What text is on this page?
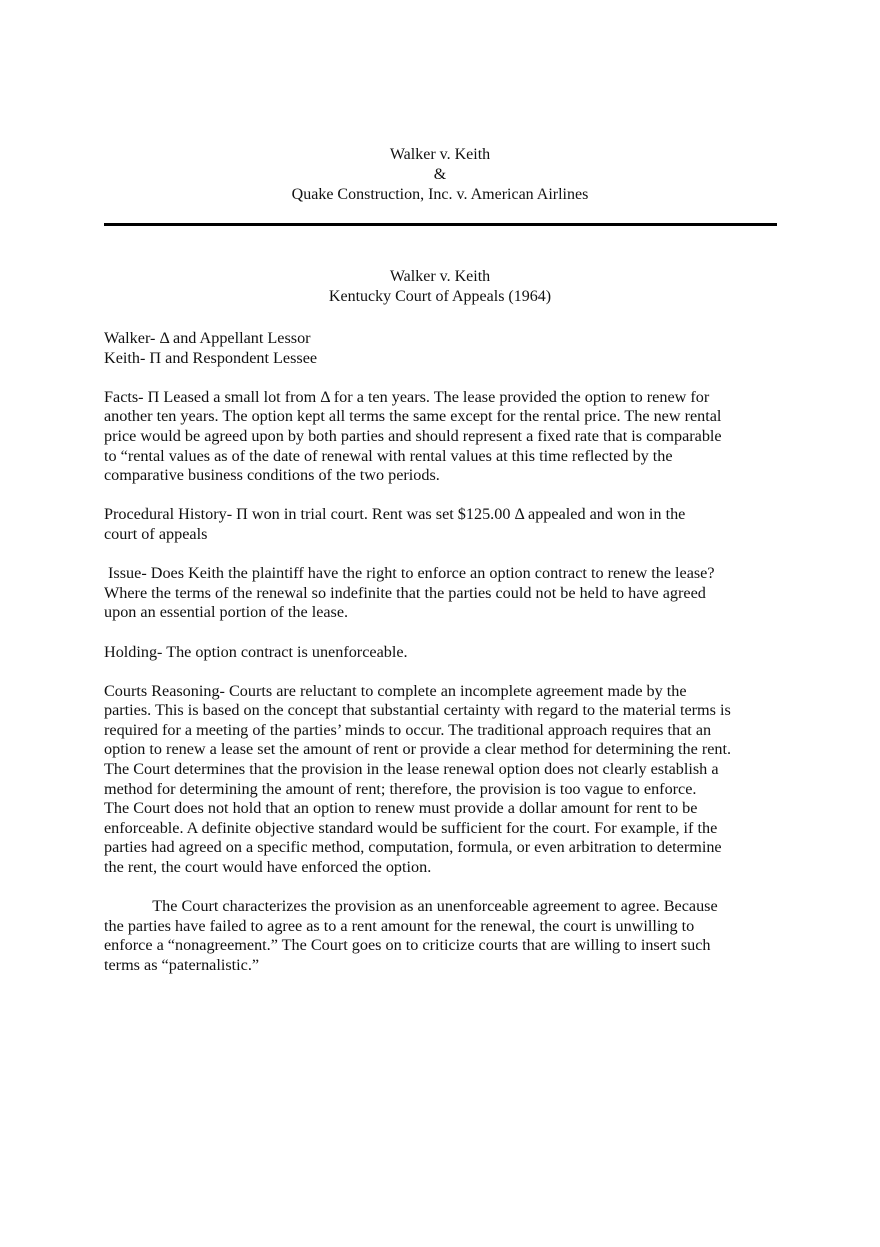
Walker v. Keith
&
Quake Construction, Inc. v. American Airlines
Walker v. Keith
Kentucky Court of Appeals (1964)
Walker- Δ and Appellant Lessor
Keith- Π and Respondent Lessee
Facts- Π Leased a small lot from Δ for a ten years. The lease provided the option to renew for
another ten years. The option kept all terms the same except for the rental price. The new rental
price would be agreed upon by both parties and should represent a fixed rate that is comparable
to “rental values as of the date of renewal with rental values at this time reflected by the
comparative business conditions of the two periods.
Procedural History- Π won in trial court. Rent was set $125.00 Δ appealed and won in the
court of appeals
Issue- Does Keith the plaintiff have the right to enforce an option contract to renew the lease?
Where the terms of the renewal so indefinite that the parties could not be held to have agreed
upon an essential portion of the lease.
Holding- The option contract is unenforceable.
Courts Reasoning- Courts are reluctant to complete an incomplete agreement made by the
parties. This is based on the concept that substantial certainty with regard to the material terms is
required for a meeting of the parties’ minds to occur. The traditional approach requires that an
option to renew a lease set the amount of rent or provide a clear method for determining the rent.
The Court determines that the provision in the lease renewal option does not clearly establish a
method for determining the amount of rent; therefore, the provision is too vague to enforce.
The Court does not hold that an option to renew must provide a dollar amount for rent to be
enforceable. A definite objective standard would be sufficient for the court. For example, if the
parties had agreed on a specific method, computation, formula, or even arbitration to determine
the rent, the court would have enforced the option.
The Court characterizes the provision as an unenforceable agreement to agree. Because
the parties have failed to agree as to a rent amount for the renewal, the court is unwilling to
enforce a “nonagreement.” The Court goes on to criticize courts that are willing to insert such
terms as “paternalistic.”
